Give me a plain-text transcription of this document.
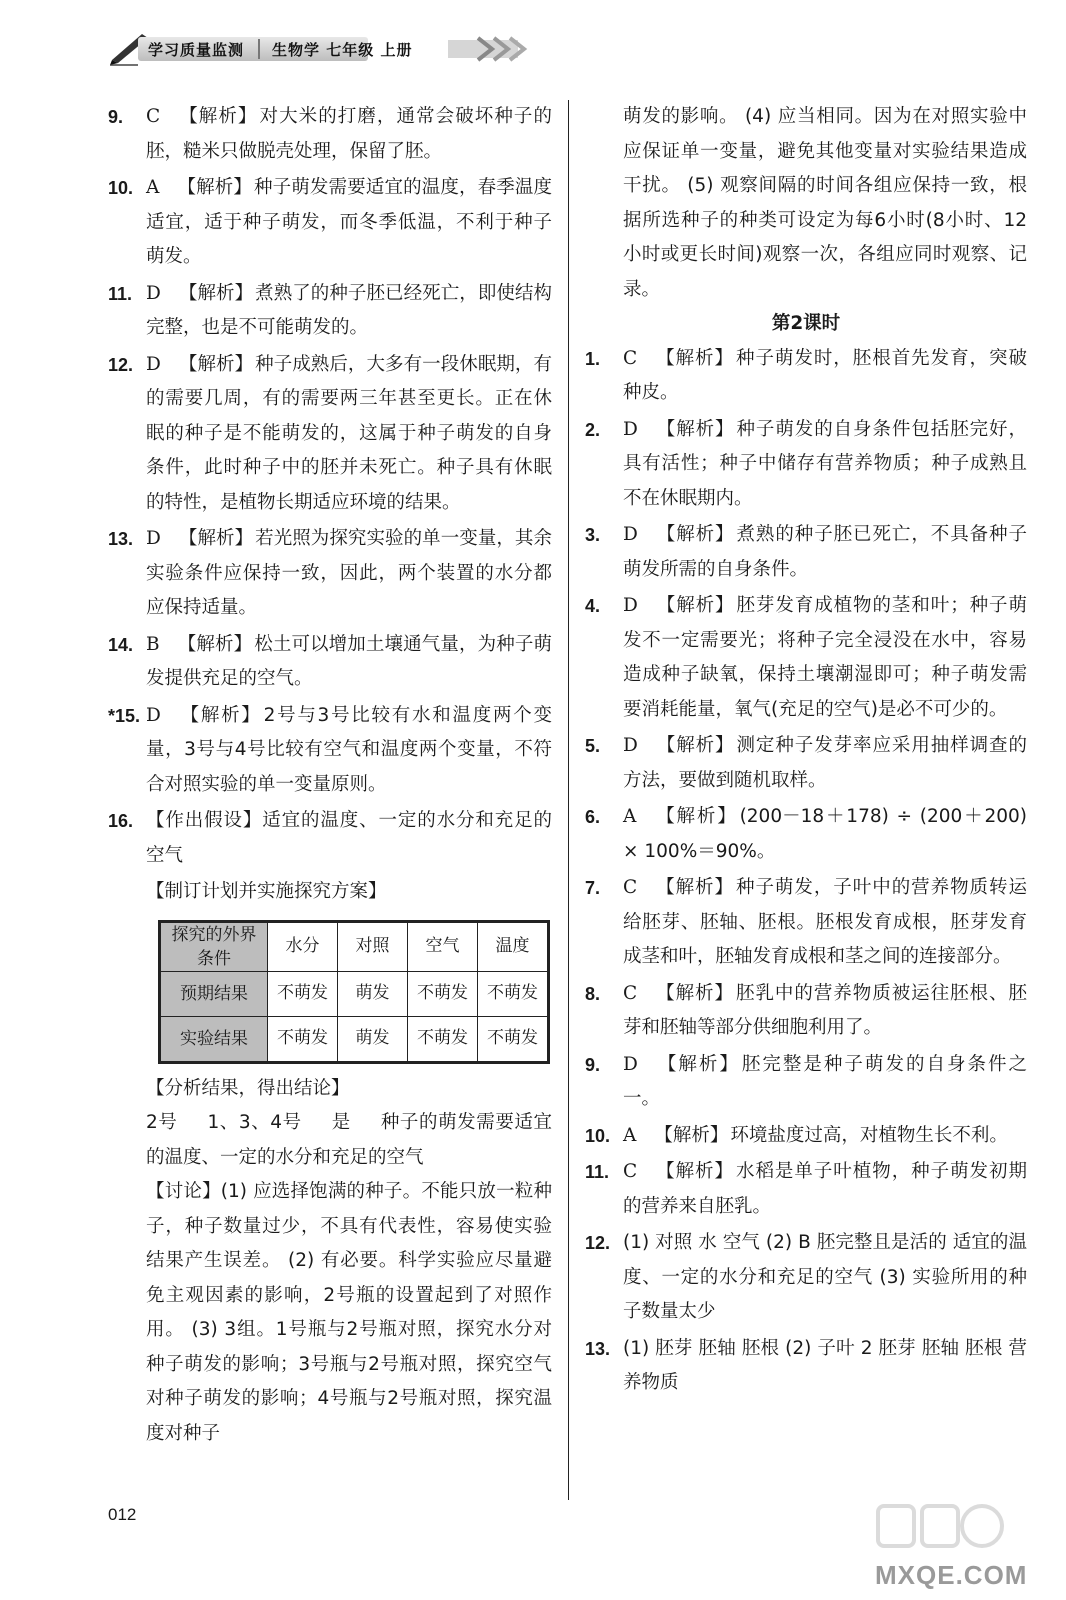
学习质量监测 生物学 七年级 上册
9. C 【解析】 对大米的打磨，通常会破坏种子的胚，糙米只做脱壳处理，保留了胚。
10. A 【解析】 种子萌发需要适宜的温度，春季温度适宜，适于种子萌发，而冬季低温，不利于种子萌发。
11. D 【解析】 煮熟了的种子胚已经死亡，即使结构完整，也是不可能萌发的。
12. D 【解析】 种子成熟后，大多有一段休眠期，有的需要几周，有的需要两三年甚至更长。正在休眠的种子是不能萌发的，这属于种子萌发的自身条件，此时种子中的胚并未死亡。种子具有休眠的特性，是植物长期适应环境的结果。
13. D 【解析】 若光照为探究实验的单一变量，其余实验条件应保持一致，因此，两个装置的水分都应保持适量。
14. B 【解析】 松土可以增加土壤通气量，为种子萌发提供充足的空气。
*15. D 【解析】 2号与3号比较有水和温度两个变量，3号与4号比较有空气和温度两个变量，不符合对照实验的单一变量原则。
16. 【作出假设】适宜的温度、一定的水分和充足的空气
【制订计划并实施探究方案】
探究的外界条件	水分	对照	空气	温度
预期结果	不萌发	萌发	不萌发	不萌发
实验结果	不萌发	萌发	不萌发	不萌发
【分析结果，得出结论】
2号 1、3、4号 是 种子的萌发需要适宜的温度、一定的水分和充足的空气
【讨论】(1) 应选择饱满的种子。不能只放一粒种子，种子数量过少，不具有代表性，容易使实验结果产生误差。 (2) 有必要。科学实验应尽量避免主观因素的影响，2号瓶的设置起到了对照作用。 (3) 3组。1号瓶与2号瓶对照，探究水分对种子萌发的影响；3号瓶与2号瓶对照，探究空气对种子萌发的影响；4号瓶与2号瓶对照，探究温度对种子
萌发的影响。 (4) 应当相同。因为在对照实验中应保证单一变量，避免其他变量对实验结果造成干扰。 (5) 观察间隔的时间各组应保持一致，根据所选种子的种类可设定为每6小时(8小时、12小时或更长时间)观察一次，各组应同时观察、记录。
第2课时
1. C 【解析】 种子萌发时，胚根首先发育，突破种皮。
2. D 【解析】 种子萌发的自身条件包括胚完好，具有活性；种子中储存有营养物质；种子成熟且不在休眠期内。
3. D 【解析】 煮熟的种子胚已死亡，不具备种子萌发所需的自身条件。
4. D 【解析】 胚芽发育成植物的茎和叶；种子萌发不一定需要光；将种子完全浸没在水中，容易造成种子缺氧，保持土壤潮湿即可；种子萌发需要消耗能量，氧气(充足的空气)是必不可少的。
5. D 【解析】 测定种子发芽率应采用抽样调查的方法，要做到随机取样。
6. A 【解析】 (200－18＋178) ÷ (200＋200) × 100%＝90%。
7. C 【解析】 种子萌发，子叶中的营养物质转运给胚芽、胚轴、胚根。胚根发育成根，胚芽发育成茎和叶，胚轴发育成根和茎之间的连接部分。
8. C 【解析】 胚乳中的营养物质被运往胚根、胚芽和胚轴等部分供细胞利用了。
9. D 【解析】 胚完整是种子萌发的自身条件之一。
10. A 【解析】 环境盐度过高，对植物生长不利。
11. C 【解析】 水稻是单子叶植物，种子萌发初期的营养来自胚乳。
12. (1) 对照 水 空气 (2) B 胚完整且是活的 适宜的温度、一定的水分和充足的空气 (3) 实验所用的种子数量太少
13. (1) 胚芽 胚轴 胚根 (2) 子叶 2 胚芽 胚轴 胚根 营养物质
012
MXQE.COM
